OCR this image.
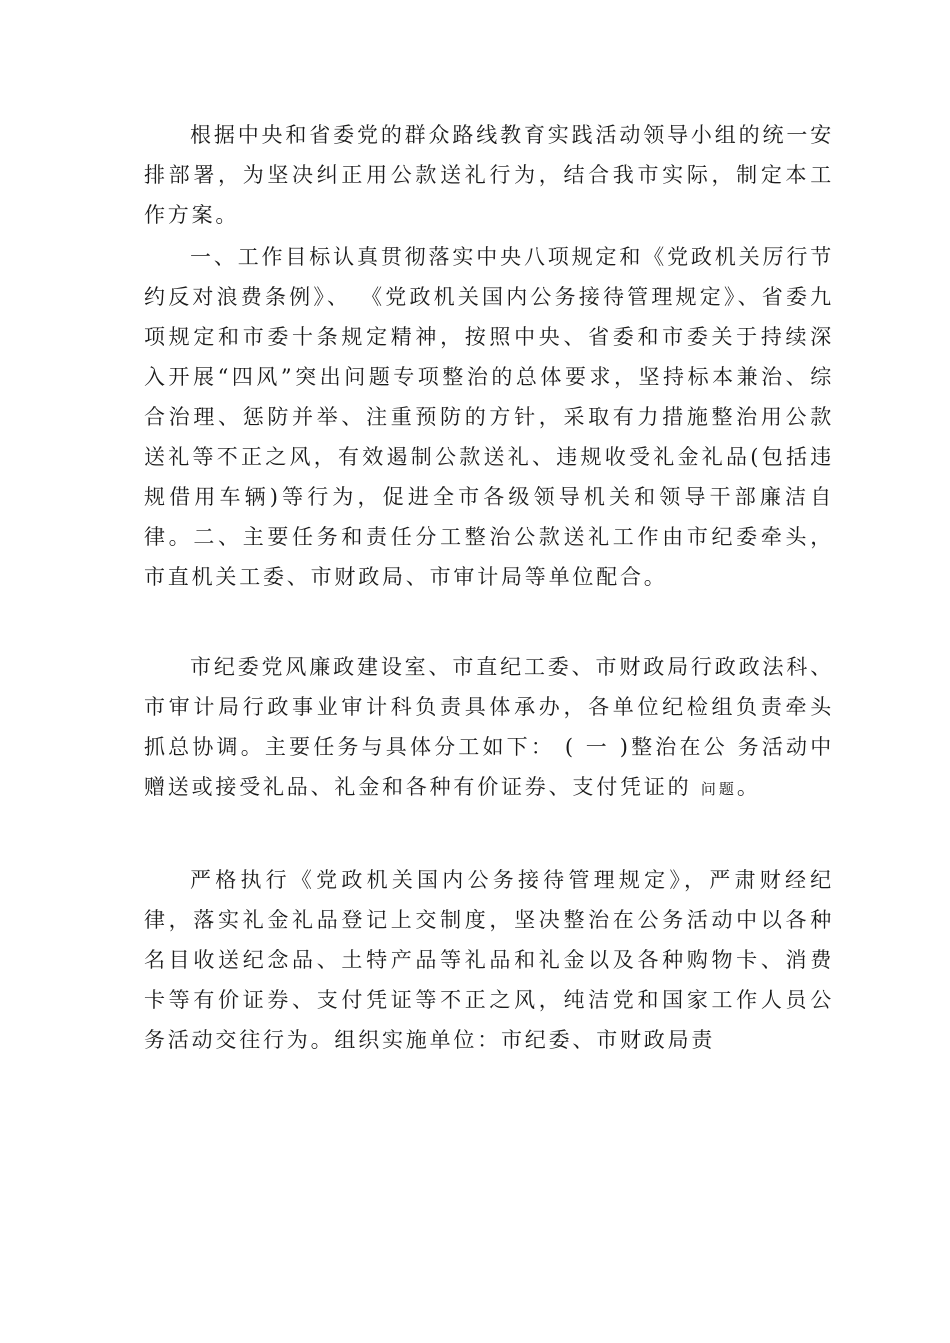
根据中央和省委党的群众路线教育实践活动领导小组的统一安排部署，为坚决纠正用公款送礼行为，结合我市实际，制定本工作方案。

一、工作目标认真贯彻落实中央八项规定和《党政机关厉行节约反对浪费条例》、 《党政机关国内公务接待管理规定》、省委九项规定和市委十条规定精神，按照中央、省委和市委关于持续深入开展“四风”突出问题专项整治的总体要求，坚持标本兼治、综合治理、惩防并举、注重预防的方针，采取有力措施整治用公款送礼等不正之风，有效遏制公款送礼、违规收受礼金礼品(包括违规借用车辆)等行为，促进全市各级领导机关和领导干部廉洁自律。二、主要任务和责任分工整治公款送礼工作由市纪委牵头，市直机关工委、市财政局、市审计局等单位配合。

市纪委党风廉政建设室、市直纪工委、市财政局行政政法科、市审计局行政事业审计科负责具体承办，各单位纪检组负责牵头抓总协调。主要任务与具体分工如下： ( 一 )整治在公 务活动中赠送或接受礼品、礼金和各种有价证券、支付凭证的 问题。

严格执行《党政机关国内公务接待管理规定》，严肃财经纪律，落实礼金礼品登记上交制度，坚决整治在公务活动中以各种名目收送纪念品、土特产品等礼品和礼金以及各种购物卡、消费卡等有价证券、支付凭证等不正之风，纯洁党和国家工作人员公务活动交往行为。组织实施单位：市纪委、市财政局责
